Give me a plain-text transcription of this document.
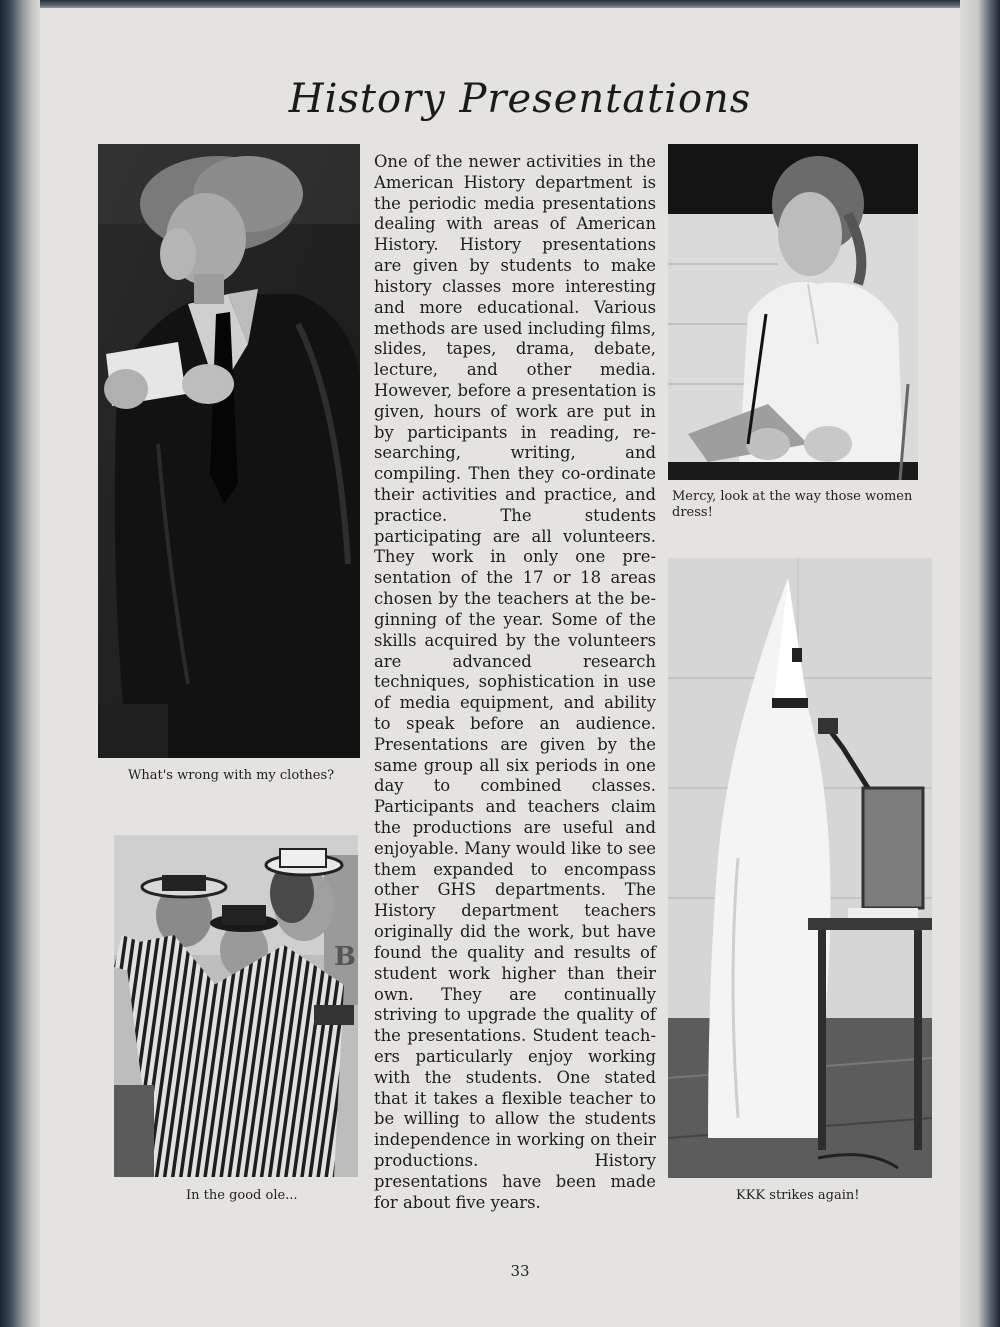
History Presentations

What's wrong with my clothes?

B

In the good ole...

One of the newer activities in the American History department is the periodic media presentations dealing with areas of American History. History presentations are given by students to make history classes more interesting and more educational. Various methods are used including films, slides, tapes, drama, debate, lecture, and other media. However, before a presentation is given, hours of work are put in by participants in reading, researching, writing, and compiling. Then they co-ordinate their activities and practice, and practice. The students participating are all volunteers. They work in only one presentation of the 17 or 18 areas chosen by the teachers at the beginning of the year. Some of the skills acquired by the volunteers are advanced research techniques, sophistication in use of media equipment, and ability to speak before an audience. Presentations are given by the same group all six periods in one day to combined classes. Participants and teachers claim the productions are useful and enjoyable. Many would like to see them expanded to encompass other GHS departments. The History department teachers originally did the work, but have found the quality and results of student work higher than their own. They are continually striving to upgrade the quality of the presentations. Student teachers particularly enjoy working with the students. One stated that it takes a flexible teacher to be willing to allow the students independence in working on their productions. History presentations have been made for about five years.

Mercy, look at the way those women dress!

KKK strikes again!

33
